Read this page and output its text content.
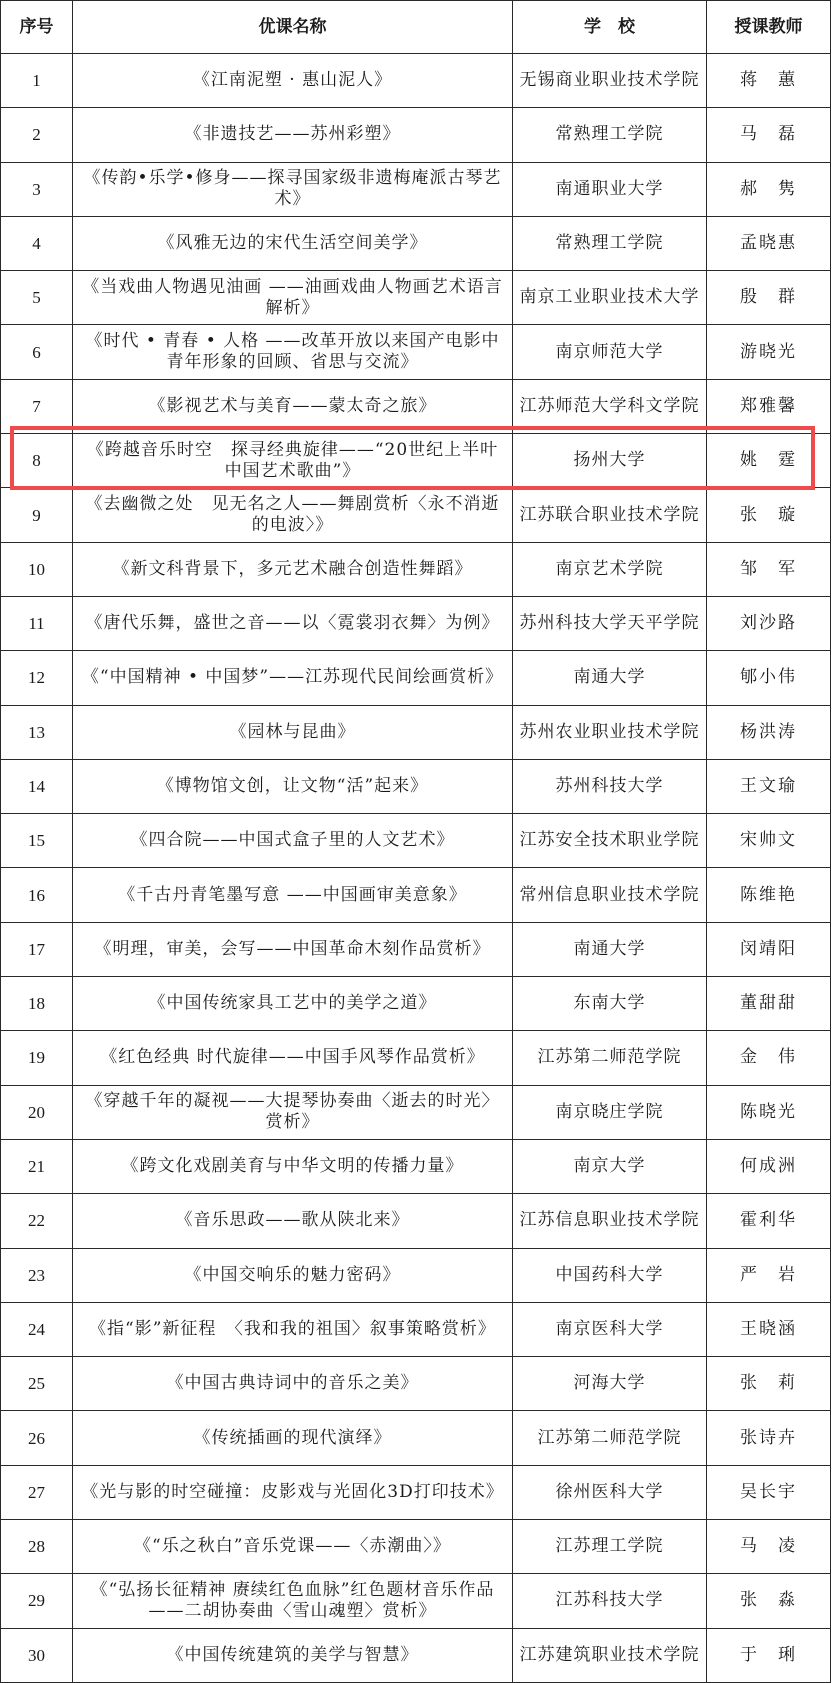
序号	优课名称	学　校	授课教师
1	《江南泥塑 · 惠山泥人》	无锡商业职业技术学院	蒋　蕙
2	《非遗技艺——苏州彩塑》	常熟理工学院	马　磊
3	《传韵•乐学•修身——探寻国家级非遗梅庵派古琴艺术》	南通职业大学	郝　隽
4	《风雅无边的宋代生活空间美学》	常熟理工学院	孟晓惠
5	《当戏曲人物遇见油画 ——油画戏曲人物画艺术语言解析》	南京工业职业技术大学	殷　群
6	《时代 • 青春 • 人格 ——改革开放以来国产电影中青年形象的回顾、省思与交流》	南京师范大学	游晓光
7	《影视艺术与美育——蒙太奇之旅》	江苏师范大学科文学院	郑雅馨
8	《跨越音乐时空　探寻经典旋律——“20世纪上半叶中国艺术歌曲”》	扬州大学	姚　霆
9	《去幽微之处　见无名之人——舞剧赏析〈永不消逝的电波〉》	江苏联合职业技术学院	张　璇
10	《新文科背景下，多元艺术融合创造性舞蹈》	南京艺术学院	邹　军
11	《唐代乐舞，盛世之音——以〈霓裳羽衣舞〉为例》	苏州科技大学天平学院	刘沙路
12	《“中国精神 • 中国梦”——江苏现代民间绘画赏析》	南通大学	郇小伟
13	《园林与昆曲》	苏州农业职业技术学院	杨洪涛
14	《博物馆文创，让文物“活”起来》	苏州科技大学	王文瑜
15	《四合院——中国式盒子里的人文艺术》	江苏安全技术职业学院	宋帅文
16	《千古丹青笔墨写意 ——中国画审美意象》	常州信息职业技术学院	陈维艳
17	《明理，审美，会写——中国革命木刻作品赏析》	南通大学	闵靖阳
18	《中国传统家具工艺中的美学之道》	东南大学	董甜甜
19	《红色经典 时代旋律——中国手风琴作品赏析》	江苏第二师范学院	金　伟
20	《穿越千年的凝视——大提琴协奏曲〈逝去的时光〉赏析》	南京晓庄学院	陈晓光
21	《跨文化戏剧美育与中华文明的传播力量》	南京大学	何成洲
22	《音乐思政——歌从陕北来》	江苏信息职业技术学院	霍利华
23	《中国交响乐的魅力密码》	中国药科大学	严　岩
24	《指“影”新征程　〈我和我的祖国〉叙事策略赏析》	南京医科大学	王晓涵
25	《中国古典诗词中的音乐之美》	河海大学	张　莉
26	《传统插画的现代演绎》	江苏第二师范学院	张诗卉
27	《光与影的时空碰撞：皮影戏与光固化3D打印技术》	徐州医科大学	吴长宇
28	《“乐之秋白”音乐党课——〈赤潮曲〉》	江苏理工学院	马　凌
29	《“弘扬长征精神 赓续红色血脉”红色题材音乐作品——二胡协奏曲〈雪山魂塑〉赏析》	江苏科技大学	张　淼
30	《中国传统建筑的美学与智慧》	江苏建筑职业技术学院	于　琍
